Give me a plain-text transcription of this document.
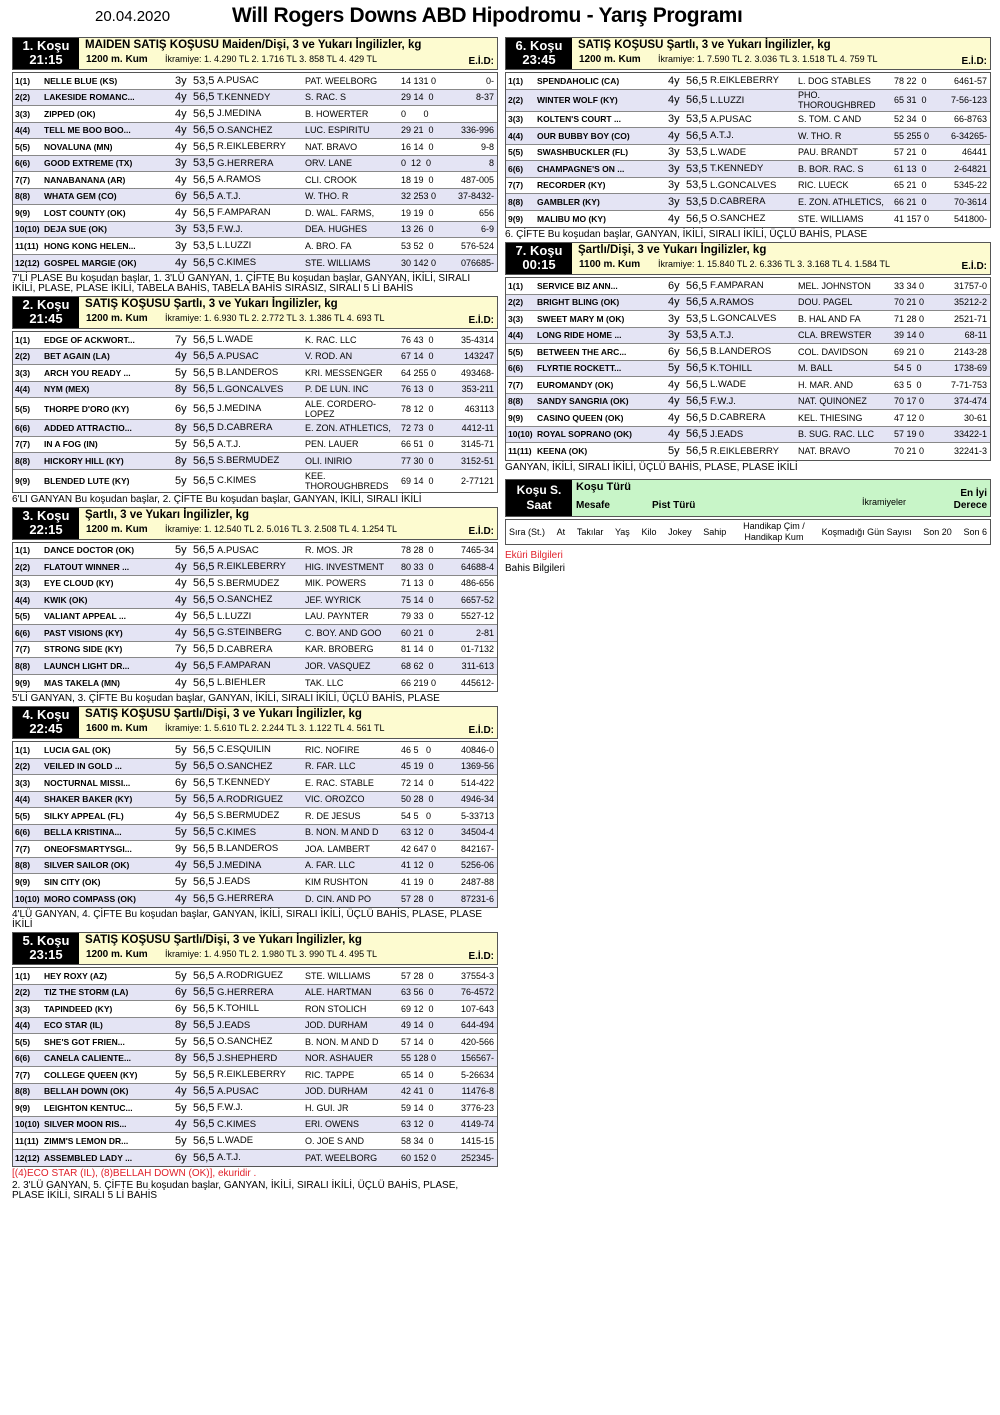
20.04.2020	Will Rogers Downs ABD Hipodromu - Yarış Programı
1. Koşu
21:15
MAIDEN SATIŞ KOŞUSU Maiden/Dişi, 3 ve Yukarı İngilizler, kg
1200 m. Kum İkramiye: 1. 4.290 TL 2. 1.716 TL 3. 858 TL 4. 429 TL	E.İ.D:
1(1)	NELLE BLUE (KS)	3y 53,5 A.PUSAC	PAT. WEELBORG	14 131 0	0-
2(2)	LAKESIDE ROMANC...	4y 56,5 T.KENNEDY	S. RAC. S	29 14  0	8-37
3(3)	ZIPPED (OK)	4y 56,5 J.MEDINA	B. HOWERTER	0       0
4(4)	TELL ME BOO BOO...	4y 56,5 O.SANCHEZ	LUC. ESPIRITU	29 21  0	336-996
5(5)	NOVALUNA (MN)	4y 56,5 R.EIKLEBERRY	NAT. BRAVO	16 14  0	9-8
6(6)	GOOD EXTREME (TX)	3y 53,5 G.HERRERA	ORV. LANE	0  12  0	8
7(7)	NANABANANA (AR)	4y 56,5 A.RAMOS	CLI. CROOK	18 19  0	487-005
8(8)	WHATA GEM (CO)	6y 56,5 A.T.J.	W. THO. R	32 253 0	37-8432-
9(9)	LOST COUNTY (OK)	4y 56,5 F.AMPARAN	D. WAL. FARMS,	19 19  0	656
10(10) DEJA SUE (OK)	3y 53,5 F.W.J.	DEA. HUGHES	13 26  0	6-9
11(11) HONG KONG HELEN...	3y 53,5 L.LUZZI	A. BRO. FA	53 52  0	576-524
12(12) GOSPEL MARGIE (OK)	4y 56,5 C.KIMES	STE. WILLIAMS	30 142 0	076685-
7'Lİ PLASE Bu koşudan başlar, 1. 3'LÜ GANYAN, 1. ÇİFTE Bu koşudan başlar, GANYAN, İKİLİ, SIRALI İKİLİ, PLASE, PLASE İKİLİ, TABELA BAHİS, TABELA BAHİS SIRASIZ, SIRALI 5 Lİ BAHİS
2. Koşu
21:45
SATIŞ KOŞUSU Şartlı, 3 ve Yukarı İngilizler, kg
1200 m. Kum İkramiye: 1. 6.930 TL 2. 2.772 TL 3. 1.386 TL 4. 693 TL	E.İ.D:
1(1)	EDGE OF ACKWORT...	7y 56,5 L.WADE	K. RAC. LLC	76 43  0	35-4314
2(2)	BET AGAIN (LA)	4y 56,5 A.PUSAC	V. ROD. AN	67 14  0	143247
3(3)	ARCH YOU READY ...	5y 56,5 B.LANDEROS	KRI. MESSENGER	64 255 0	493468-
4(4)	NYM (MEX)	8y 56,5 L.GONCALVES	P. DE LUN. INC	76 13  0	353-211
5(5)	THORPE D'ORO (KY)	6y 56,5 J.MEDINA	ALE. CORDERO-LOPEZ	78 12  0	463113
6(6)	ADDED ATTRACTIO...	8y 56,5 D.CABRERA	E. ZON. ATHLETICS,	72 73  0	4412-11
7(7)	IN A FOG (IN)	5y 56,5 A.T.J.	PEN. LAUER	66 51  0	3145-71
8(8)	HICKORY HILL (KY)	8y 56,5 S.BERMUDEZ	OLI. INIRIO	77 30  0	3152-51
9(9)	BLENDED LUTE (KY)	5y 56,5 C.KIMES	KEE. THOROUGHBREDS	69 14  0	2-77121
6'LI GANYAN Bu koşudan başlar, 2. ÇİFTE Bu koşudan başlar, GANYAN, İKİLİ, SIRALI İKİLİ
3. Koşu
22:15
Şartlı, 3 ve Yukarı İngilizler, kg
1200 m. Kum İkramiye: 1. 12.540 TL 2. 5.016 TL 3. 2.508 TL 4. 1.254 TL	E.İ.D:
1(1)	DANCE DOCTOR (OK)	5y 56,5 A.PUSAC	R. MOS. JR	78 28  0	7465-34
2(2)	FLATOUT WINNER ...	4y 56,5 R.EIKLEBERRY	HIG. INVESTMENT	80 33  0	64688-4
3(3)	EYE CLOUD (KY)	4y 56,5 S.BERMUDEZ	MIK. POWERS	71 13  0	486-656
4(4)	KWIK (OK)	4y 56,5 O.SANCHEZ	JEF. WYRICK	75 14  0	6657-52
5(5)	VALIANT APPEAL ...	4y 56,5 L.LUZZI	LAU. PAYNTER	79 33  0	5527-12
6(6)	PAST VISIONS (KY)	4y 56,5 G.STEINBERG	C. BOY. AND GOO	60 21  0	2-81
7(7)	STRONG SIDE (KY)	7y 56,5 D.CABRERA	KAR. BROBERG	81 14  0	01-7132
8(8)	LAUNCH LIGHT DR...	4y 56,5 F.AMPARAN	JOR. VASQUEZ	68 62  0	311-613
9(9)	MAS TAKELA (MN)	4y 56,5 L.BIEHLER	TAK. LLC	66 219 0	445612-
5'Lİ GANYAN, 3. ÇİFTE Bu koşudan başlar, GANYAN, İKİLİ, SIRALI İKİLİ, ÜÇLÜ BAHİS, PLASE
4. Koşu
22:45
SATIŞ KOŞUSU Şartlı/Dişi, 3 ve Yukarı İngilizler, kg
1600 m. Kum İkramiye: 1. 5.610 TL 2. 2.244 TL 3. 1.122 TL 4. 561 TL	E.İ.D:
1(1)	LUCIA GAL (OK)	5y 56,5 C.ESQUILIN	RIC. NOFIRE	46 5   0	40846-0
2(2)	VEILED IN GOLD ...	5y 56,5 O.SANCHEZ	R. FAR. LLC	45 19  0	1369-56
3(3)	NOCTURNAL MISSI...	6y 56,5 T.KENNEDY	E. RAC. STABLE	72 14  0	514-422
4(4)	SHAKER BAKER (KY)	5y 56,5 A.RODRIGUEZ	VIC. OROZCO	50 28  0	4946-34
5(5)	SILKY APPEAL (FL)	4y 56,5 S.BERMUDEZ	R. DE JESUS	54 5   0	5-33713
6(6)	BELLA KRISTINA...	5y 56,5 C.KIMES	B. NON. M AND D	63 12  0	34504-4
7(7)	ONEOFSMARTYSGI...	9y 56,5 B.LANDEROS	JOA. LAMBERT	42 647 0	842167-
8(8)	SILVER SAILOR (OK)	4y 56,5 J.MEDINA	A. FAR. LLC	41 12  0	5256-06
9(9)	SIN CITY (OK)	5y 56,5 J.EADS	KIM RUSHTON	41 19  0	2487-88
10(10) MORO COMPASS (OK)	4y 56,5 G.HERRERA	D. CIN. AND PO	57 28  0	87231-6
4'LÜ GANYAN, 4. ÇİFTE Bu koşudan başlar, GANYAN, İKİLİ, SIRALI İKİLİ, ÜÇLÜ BAHİS, PLASE, PLASE İKİLİ
5. Koşu
23:15
SATIŞ KOŞUSU Şartlı/Dişi, 3 ve Yukarı İngilizler, kg
1200 m. Kum İkramiye: 1. 4.950 TL 2. 1.980 TL 3. 990 TL 4. 495 TL	E.İ.D:
1(1)	HEY ROXY (AZ)	5y 56,5 A.RODRIGUEZ	STE. WILLIAMS	57 28  0	37554-3
2(2)	TIZ THE STORM (LA)	6y 56,5 G.HERRERA	ALE. HARTMAN	63 56  0	76-4572
3(3)	TAPINDEED (KY)	6y 56,5 K.TOHILL	RON STOLICH	69 12  0	107-643
4(4)	ECO STAR (IL)	8y 56,5 J.EADS	JOD. DURHAM	49 14  0	644-494
5(5)	SHE'S GOT FRIEN...	5y 56,5 O.SANCHEZ	B. NON. M AND D	57 14  0	420-566
6(6)	CANELA CALIENTE...	8y 56,5 J.SHEPHERD	NOR. ASHAUER	55 128 0	156567-
7(7)	COLLEGE QUEEN (KY)	5y 56,5 R.EIKLEBERRY	RIC. TAPPE	65 14  0	5-26634
8(8)	BELLAH DOWN (OK)	4y 56,5 A.PUSAC	JOD. DURHAM	42 41  0	11476-8
9(9)	LEIGHTON KENTUC...	5y 56,5 F.W.J.	H. GUI. JR	59 14  0	3776-23
10(10) SILVER MOON RIS...	4y 56,5 C.KIMES	ERI. OWENS	63 12  0	4149-74
11(11) ZIMM'S LEMON DR...	5y 56,5 L.WADE	O. JOE S AND	58 34  0	1415-15
12(12) ASSEMBLED LADY ...	6y 56,5 A.T.J.	PAT. WEELBORG	60 152 0	252345-
[(4)ECO STAR (IL), (8)BELLAH DOWN (OK)], ekuridir .
2. 3'LÜ GANYAN, 5. ÇİFTE Bu koşudan başlar, GANYAN, İKİLİ, SIRALI İKİLİ, ÜÇLÜ BAHİS, PLASE, PLASE İKİLİ, SIRALI 5 Lİ BAHİS
6. Koşu
23:45
SATIŞ KOŞUSU Şartlı, 3 ve Yukarı İngilizler, kg
1200 m. Kum İkramiye: 1. 7.590 TL 2. 3.036 TL 3. 1.518 TL 4. 759 TL	E.İ.D:
1(1)	SPENDAHOLIC (CA)	4y 56,5 R.EIKLEBERRY	L. DOG STABLES	78 22  0	6461-57
2(2)	WINTER WOLF (KY)	4y 56,5 L.LUZZI	PHO. THOROUGHBRED	65 31  0	7-56-123
3(3)	KOLTEN'S COURT ...	3y 53,5 A.PUSAC	S. TOM. C AND	52 34  0	66-8763
4(4)	OUR BUBBY BOY (CO)	4y 56,5 A.T.J.	W. THO. R	55 255 0	6-34265-
5(5)	SWASHBUCKLER (FL)	3y 53,5 L.WADE	PAU. BRANDT	57 21  0	46441
6(6)	CHAMPAGNE'S ON ...	3y 53,5 T.KENNEDY	B. BOR. RAC. S	61 13  0	2-64821
7(7)	RECORDER (KY)	3y 53,5 L.GONCALVES	RIC. LUECK	65 21  0	5345-22
8(8)	GAMBLER (KY)	3y 53,5 D.CABRERA	E. ZON. ATHLETICS,	66 21  0	70-3614
9(9)	MALIBU MO (KY)	4y 56,5 O.SANCHEZ	STE. WILLIAMS	41 157 0	541800-
6. ÇİFTE Bu koşudan başlar, GANYAN, İKİLİ, SIRALI İKİLİ, ÜÇLÜ BAHİS, PLASE
7. Koşu
00:15
Şartlı/Dişi, 3 ve Yukarı İngilizler, kg
1100 m. Kum İkramiye: 1. 15.840 TL 2. 6.336 TL 3. 3.168 TL 4. 1.584 TL	E.İ.D:
1(1)	SERVICE BIZ ANN...	6y 56,5 F.AMPARAN	MEL. JOHNSTON	33 34 0	31757-0
2(2)	BRIGHT BLING (OK)	4y 56,5 A.RAMOS	DOU. PAGEL	70 21 0	35212-2
3(3)	SWEET MARY M (OK)	3y 53,5 L.GONCALVES	B. HAL AND FA	71 28 0	2521-71
4(4)	LONG RIDE HOME ...	3y 53,5 A.T.J.	CLA. BREWSTER	39 14 0	68-11
5(5)	BETWEEN THE ARC...	6y 56,5 B.LANDEROS	COL. DAVIDSON	69 21 0	2143-28
6(6)	FLYRTIE ROCKETT...	5y 56,5 K.TOHILL	M. BALL	54 5  0	1738-69
7(7)	EUROMANDY (OK)	4y 56,5 L.WADE	H. MAR. AND	63 5  0	7-71-753
8(8)	SANDY SANGRIA (OK)	4y 56,5 F.W.J.	NAT. QUINONEZ	70 17 0	374-474
9(9)	CASINO QUEEN (OK)	4y 56,5 D.CABRERA	KEL. THIESING	47 12 0	30-61
10(10) ROYAL SOPRANO (OK)	4y 56,5 J.EADS	B. SUG. RAC. LLC	57 19 0	33422-1
11(11) KEENA (OK)	5y 56,5 R.EIKLEBERRY	NAT. BRAVO	70 21 0	32241-3
GANYAN, İKİLİ, SIRALI İKİLİ, ÜÇLÜ BAHİS, PLASE, PLASE İKİLİ
Koşu S.
Saat
Koşu Türü
Mesafe	Pist Türü	İkramiyeler
En İyi Derece
Sıra (St.) At Takılar Yaş Kilo Jokey Sahip
Handikap Çim / Handikap Kum	Koşmadığı Gün Sayısı Son 20 Son 6
Eküri Bilgileri
Bahis Bilgileri
